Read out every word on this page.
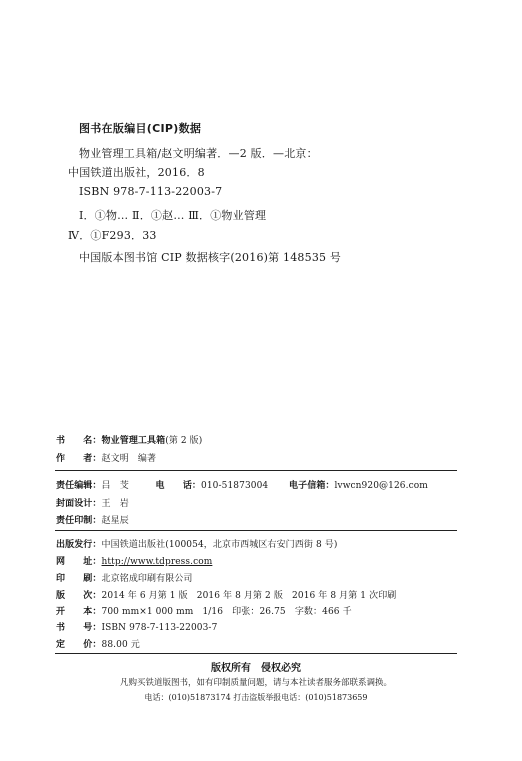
图书在版编目(CIP)数据
物业管理工具箱/赵文明编著．—2 版．—北京：
中国铁道出版社，2016．8
ISBN 978-7-113-22003-7
Ⅰ．①物… Ⅱ．①赵… Ⅲ．①物业管理
Ⅳ．①F293．33
中国版本图书馆 CIP 数据核字(2016)第 148535 号
书　　名：物业管理工具箱(第 2 版)
作　　者：赵文明　编著
责任编辑：吕　芠	电　　话：010-51873004 电子信箱：lvwcn920@126.com
封面设计：王　岩
责任印制：赵星辰
出版发行：中国铁道出版社(100054，北京市西城区右安门西街 8 号)
网　　址：http://www.tdpress.com
印　　刷：北京铭成印刷有限公司
版　　次：2014 年 6 月第 1 版　2016 年 8 月第 2 版　2016 年 8 月第 1 次印刷
开　　本：700 mm×1 000 mm　1/16　印张：26.75　字数：466 千
书　　号：ISBN 978-7-113-22003-7
定　　价：88.00 元
版权所有　侵权必究
凡购买铁道版图书，如有印制质量问题，请与本社读者服务部联系调换。
电话：(010)51873174 打击盗版举报电话：(010)51873659
